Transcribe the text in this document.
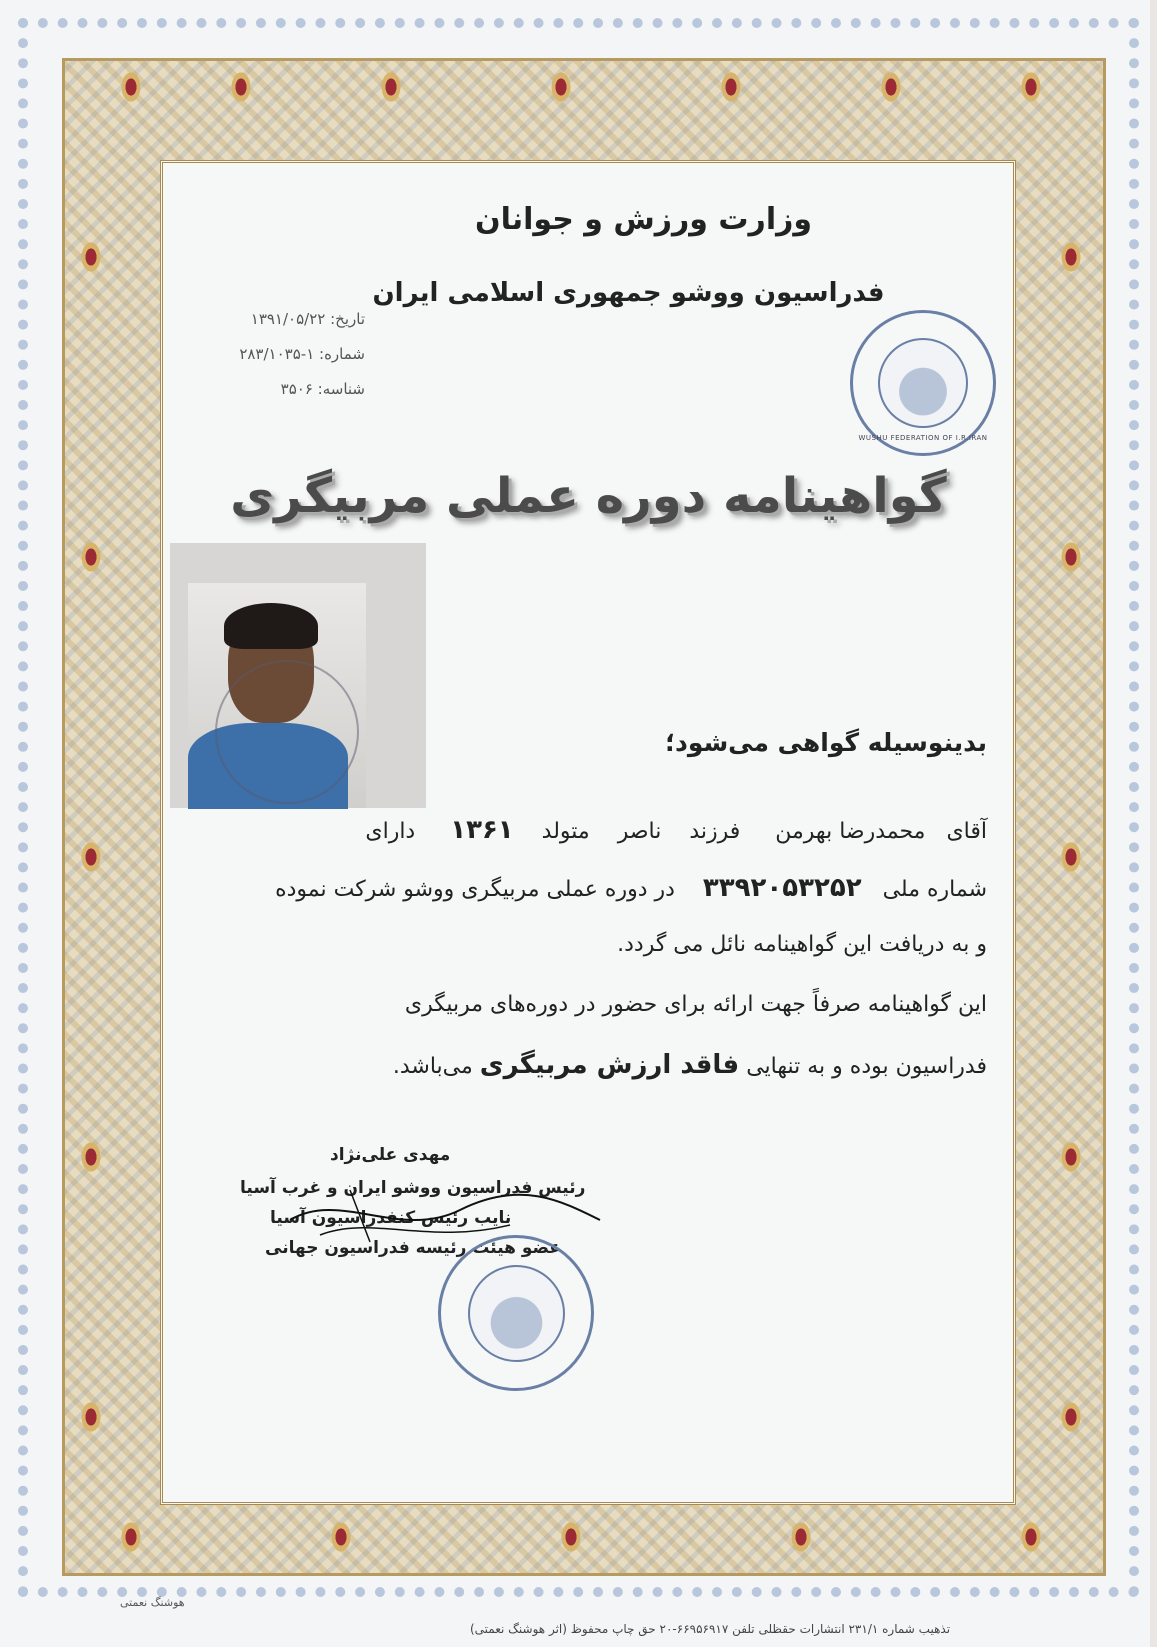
وزارت ورزش و جوانان
فدراسیون ووشو جمهوری اسلامی ایران
تاریخ: ۱۳۹۱/۰۵/۲۲
شماره: ۱-۲۸۳/۱۰۳۵
شناسه: ۳۵۰۶
WUSHU FEDERATION OF I.R.IRAN
گواهینامه دوره عملی مربیگری
بدینوسیله گواهی می‌شود؛
آقای   محمدرضا بهرمن     فرزند    ناصر    متولد    ۱۳۶۱     دارای
شماره ملی   ۳۳۹۲۰۵۳۲۵۲    در دوره عملی مربیگری ووشو شرکت نموده
و به دریافت این گواهینامه نائل می گردد.
این گواهینامه صرفاً جهت ارائه برای حضور در دوره‌های مربیگری
فدراسیون بوده و به تنهایی فاقد ارزش مربیگری می‌باشد.
مهدی علی‌نژاد
رئیس فدراسیون ووشو ایران و غرب آسیا
نایب رئیس کنفدراسیون آسیا
عضو هیئت رئیسه فدراسیون جهانی
هوشنگ نعمتی
تذهیب شماره ۲۳۱/۱ انتشارات حقظلی تلفن ۶۶۹۵۶۹۱۷-۲۰ حق چاپ محفوظ (اثر هوشنگ نعمتی)
